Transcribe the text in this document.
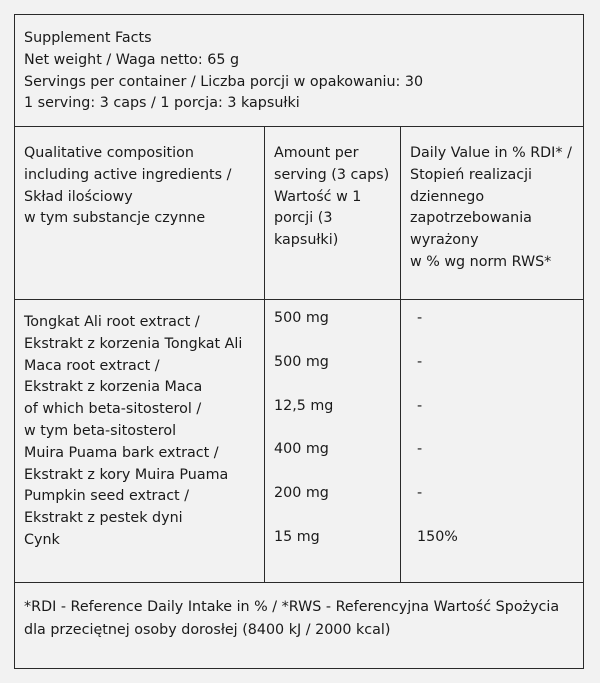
Supplement Facts
Net weight / Waga netto: 65 g
Servings per container / Liczba porcji w opakowaniu: 30
1 serving: 3 caps / 1 porcja: 3 kapsułki
Qualitative composition
including active ingredients /
Skład ilościowy
w tym substancje czynne
Amount per
serving (3 caps)
Wartość w 1
porcji (3
kapsułki)
Daily Value in % RDI* /
Stopień realizacji
dziennego
zapotrzebowania
wyrażony
w % wg norm RWS*
Tongkat Ali root extract /
Ekstrakt z korzenia Tongkat Ali
Maca root extract /
Ekstrakt z korzenia Maca
of which beta-sitosterol /
w tym beta-sitosterol
Muira Puama bark extract /
Ekstrakt z kory Muira Puama
Pumpkin seed extract /
Ekstrakt z pestek dyni
Cynk
500 mg
500 mg
12,5 mg
400 mg
200 mg
15 mg
-
-
-
-
-
150%
*RDI - Reference Daily Intake in % / *RWS - Referencyjna Wartość Spożycia
dla przeciętnej osoby dorosłej (8400 kJ / 2000 kcal)
